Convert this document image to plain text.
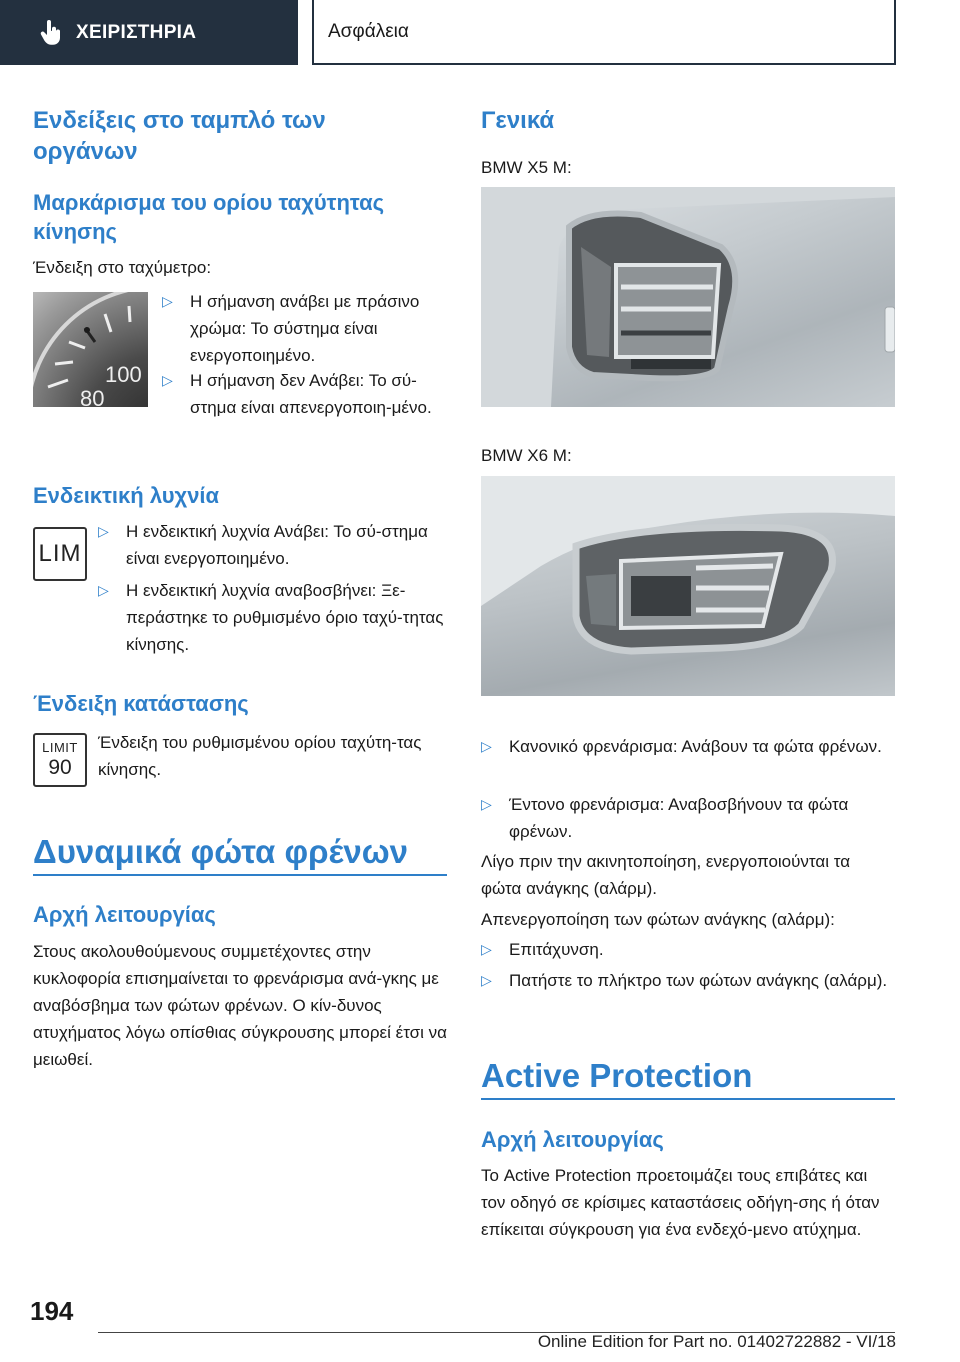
ΧΕΙΡΙΣΤΗΡΙΑ	Ασφάλεια
Ενδείξεις στο ταμπλό των οργάνων
Μαρκάρισμα του ορίου ταχύτητας κίνησης
Ένδειξη στο ταχύμετρο:
100
80
▷ Η σήμανση ανάβει με πράσινο χρώμα: Το σύστημα είναι ενεργοποιημένο.
▷ Η σήμανση δεν Ανάβει: Το σύ-στημα είναι απενεργοποιη-μένο.
Ενδεικτική λυχνία
LIM
▷ Η ενδεικτική λυχνία Ανάβει: Το σύ-στημα είναι ενεργοποιημένο.
▷ Η ενδεικτική λυχνία αναβοσβήνει: Ξε-περάστηκε το ρυθμισμένο όριο ταχύ-τητας κίνησης.
Ένδειξη κατάστασης
LIMIT
90
Ένδειξη του ρυθμισμένου ορίου ταχύτη-τας κίνησης.
Δυναμικά φώτα φρένων
Αρχή λειτουργίας
Στους ακολουθούμενους συμμετέχοντες στην κυκλοφορία επισημαίνεται το φρενάρισμα ανά-γκης με αναβόσβημα των φώτων φρένων. Ο κίν-δυνος ατυχήματος λόγω οπίσθιας σύγκρουσης μπορεί έτσι να μειωθεί.
Γενικά
BMW X5 M:
BMW X6 M:
▷ Κανονικό φρενάρισμα: Ανάβουν τα φώτα φρένων.
▷ Έντονο φρενάρισμα: Αναβοσβήνουν τα φώτα φρένων.
Λίγο πριν την ακινητοποίηση, ενεργοποιούνται τα φώτα ανάγκης (αλάρμ).
Απενεργοποίηση των φώτων ανάγκης (αλάρμ):
▷ Επιτάχυνση.
▷ Πατήστε το πλήκτρο των φώτων ανάγκης (αλάρμ).
Active Protection
Αρχή λειτουργίας
Το Active Protection προετοιμάζει τους επιβάτες και τον οδηγό σε κρίσιμες καταστάσεις οδήγη-σης ή όταν επίκειται σύγκρουση για ένα ενδεχό-μενο ατύχημα.
194
Online Edition for Part no. 01402722882 - VI/18
